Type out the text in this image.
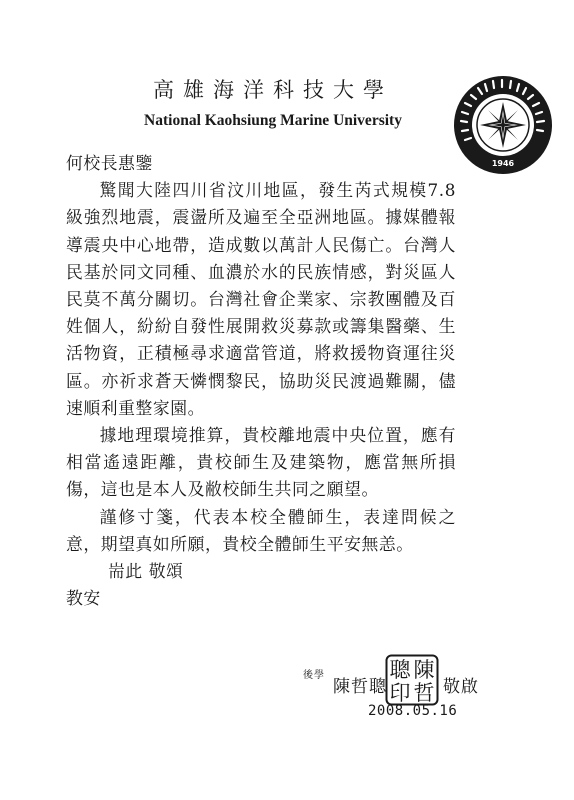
高雄海洋科技大學
National Kaohsiung Marine University
1946

何校長惠鑒

驚聞大陸四川省汶川地區，發生芮式規模7.8級強烈地震，震盪所及遍至全亞洲地區。據媒體報導震央中心地帶，造成數以萬計人民傷亡。台灣人民基於同文同種、血濃於水的民族情感，對災區人民莫不萬分關切。台灣社會企業家、宗教團體及百姓個人，紛紛自發性展開救災募款或籌集醫藥、生活物資，正積極尋求適當管道，將救援物資運往災區。亦祈求蒼天憐憫黎民，協助災民渡過難關，儘速順利重整家園。

據地理環境推算，貴校離地震中央位置，應有相當遙遠距離，貴校師生及建築物，應當無所損傷，這也是本人及敝校師生共同之願望。

謹修寸箋，代表本校全體師生，表達問候之意，期望真如所願，貴校全體師生平安無恙。

耑此 敬頌

教安

後學
陳哲聰
聰 陳
印 哲 敬啟
2008.05.16
